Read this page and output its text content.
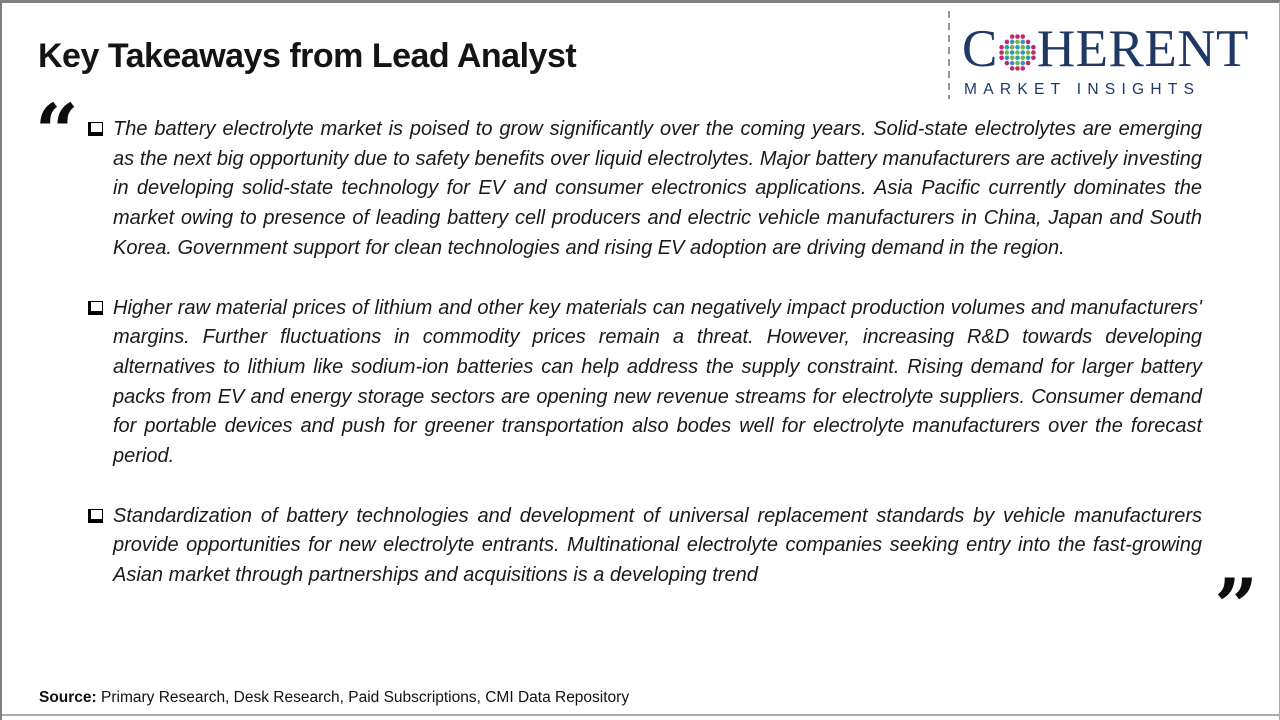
Key Takeaways from Lead Analyst	C HERENT
MARKET INSIGHTS
“	The battery electrolyte market is poised to grow significantly over the coming years. Solid-state electrolytes are emerging as the next big opportunity due to safety benefits over liquid electrolytes. Major battery manufacturers are actively investing in developing solid-state technology for EV and consumer electronics applications. Asia Pacific currently dominates the market owing to presence of leading battery cell producers and electric vehicle manufacturers in China, Japan and South Korea. Government support for clean technologies and rising EV adoption are driving demand in the region.
Higher raw material prices of lithium and other key materials can negatively impact production volumes and manufacturers' margins. Further fluctuations in commodity prices remain a threat. However, increasing R&D towards developing alternatives to lithium like sodium-ion batteries can help address the supply constraint. Rising demand for larger battery packs from EV and energy storage sectors are opening new revenue streams for electrolyte suppliers. Consumer demand for portable devices and push for greener transportation also bodes well for electrolyte manufacturers over the forecast period.
Standardization of battery technologies and development of universal replacement standards by vehicle manufacturers provide opportunities for new electrolyte entrants. Multinational electrolyte companies seeking entry into the fast-growing Asian market through partnerships and acquisitions is a developing trend	”
Source: Primary Research, Desk Research, Paid Subscriptions, CMI Data Repository
